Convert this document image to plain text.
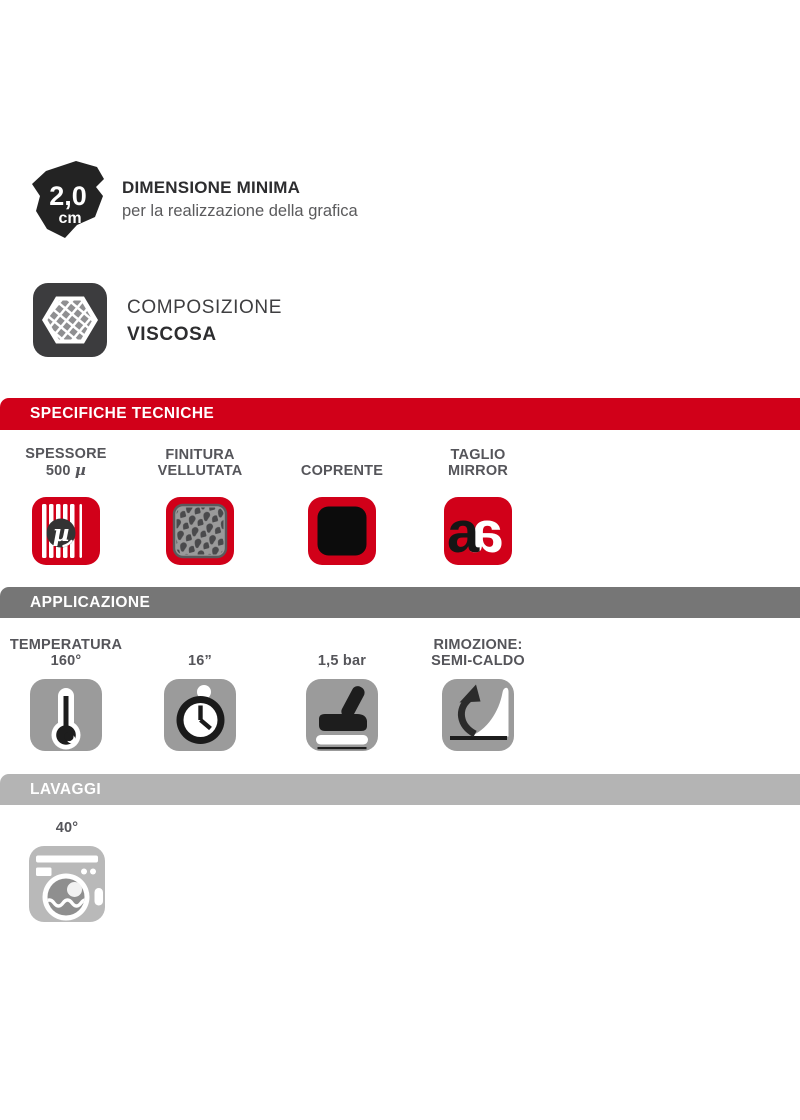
2,0
cm
DIMENSIONE MINIMA
per la realizzazione della grafica
COMPOSIZIONE
VISCOSA
SPECIFICHE TECNICHE
APPLICAZIONE
LAVAGGI
SPESSORE
500 µ
µ
FINITURA
VELLUTATA	COPRENTE
TAGLIO
MIRROR
a
a
TEMPERATURA
160°	16”	1,5 bar
RIMOZIONE:
SEMI-CALDO
40°
